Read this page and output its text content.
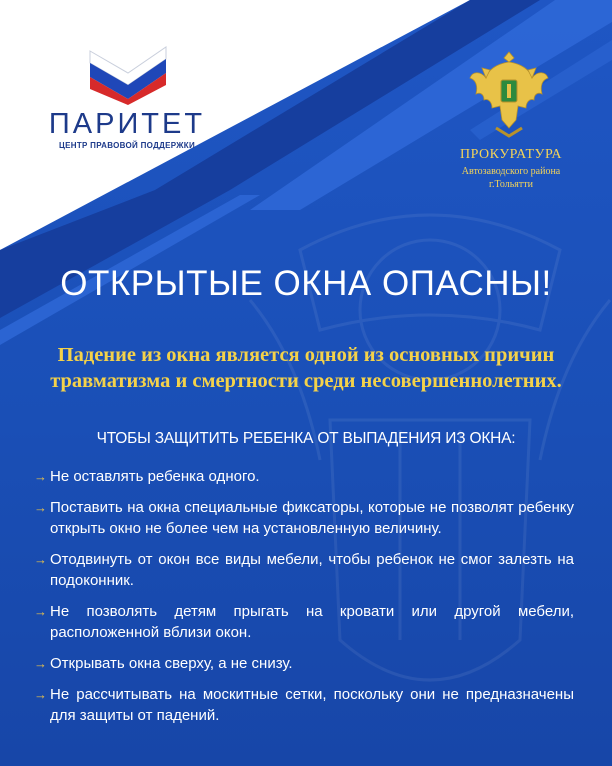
ПАРИТЕТ
ЦЕНТР ПРАВОВОЙ ПОДДЕРЖКИ
ПРОКУРАТУРА
Автозаводского района
г.Тольятти
ОТКРЫТЫЕ ОКНА ОПАСНЫ!
Падение из окна является одной из основных причин травматизма и смертности среди несовершеннолетних.
ЧТОБЫ ЗАЩИТИТЬ РЕБЕНКА ОТ ВЫПАДЕНИЯ ИЗ ОКНА:
→ Не оставлять ребенка одного.
→ Поставить на окна специальные фиксаторы, которые не позволят ребенку открыть окно не более чем на установленную величину.
→ Отодвинуть от окон все виды мебели, чтобы ребенок не смог залезть на подоконник.
→ Не позволять детям прыгать на кровати или другой мебели, расположенной вблизи окон.
→ Открывать окна сверху, а не снизу.
→ Не рассчитывать на москитные сетки, поскольку они не предназначены для защиты от падений.
